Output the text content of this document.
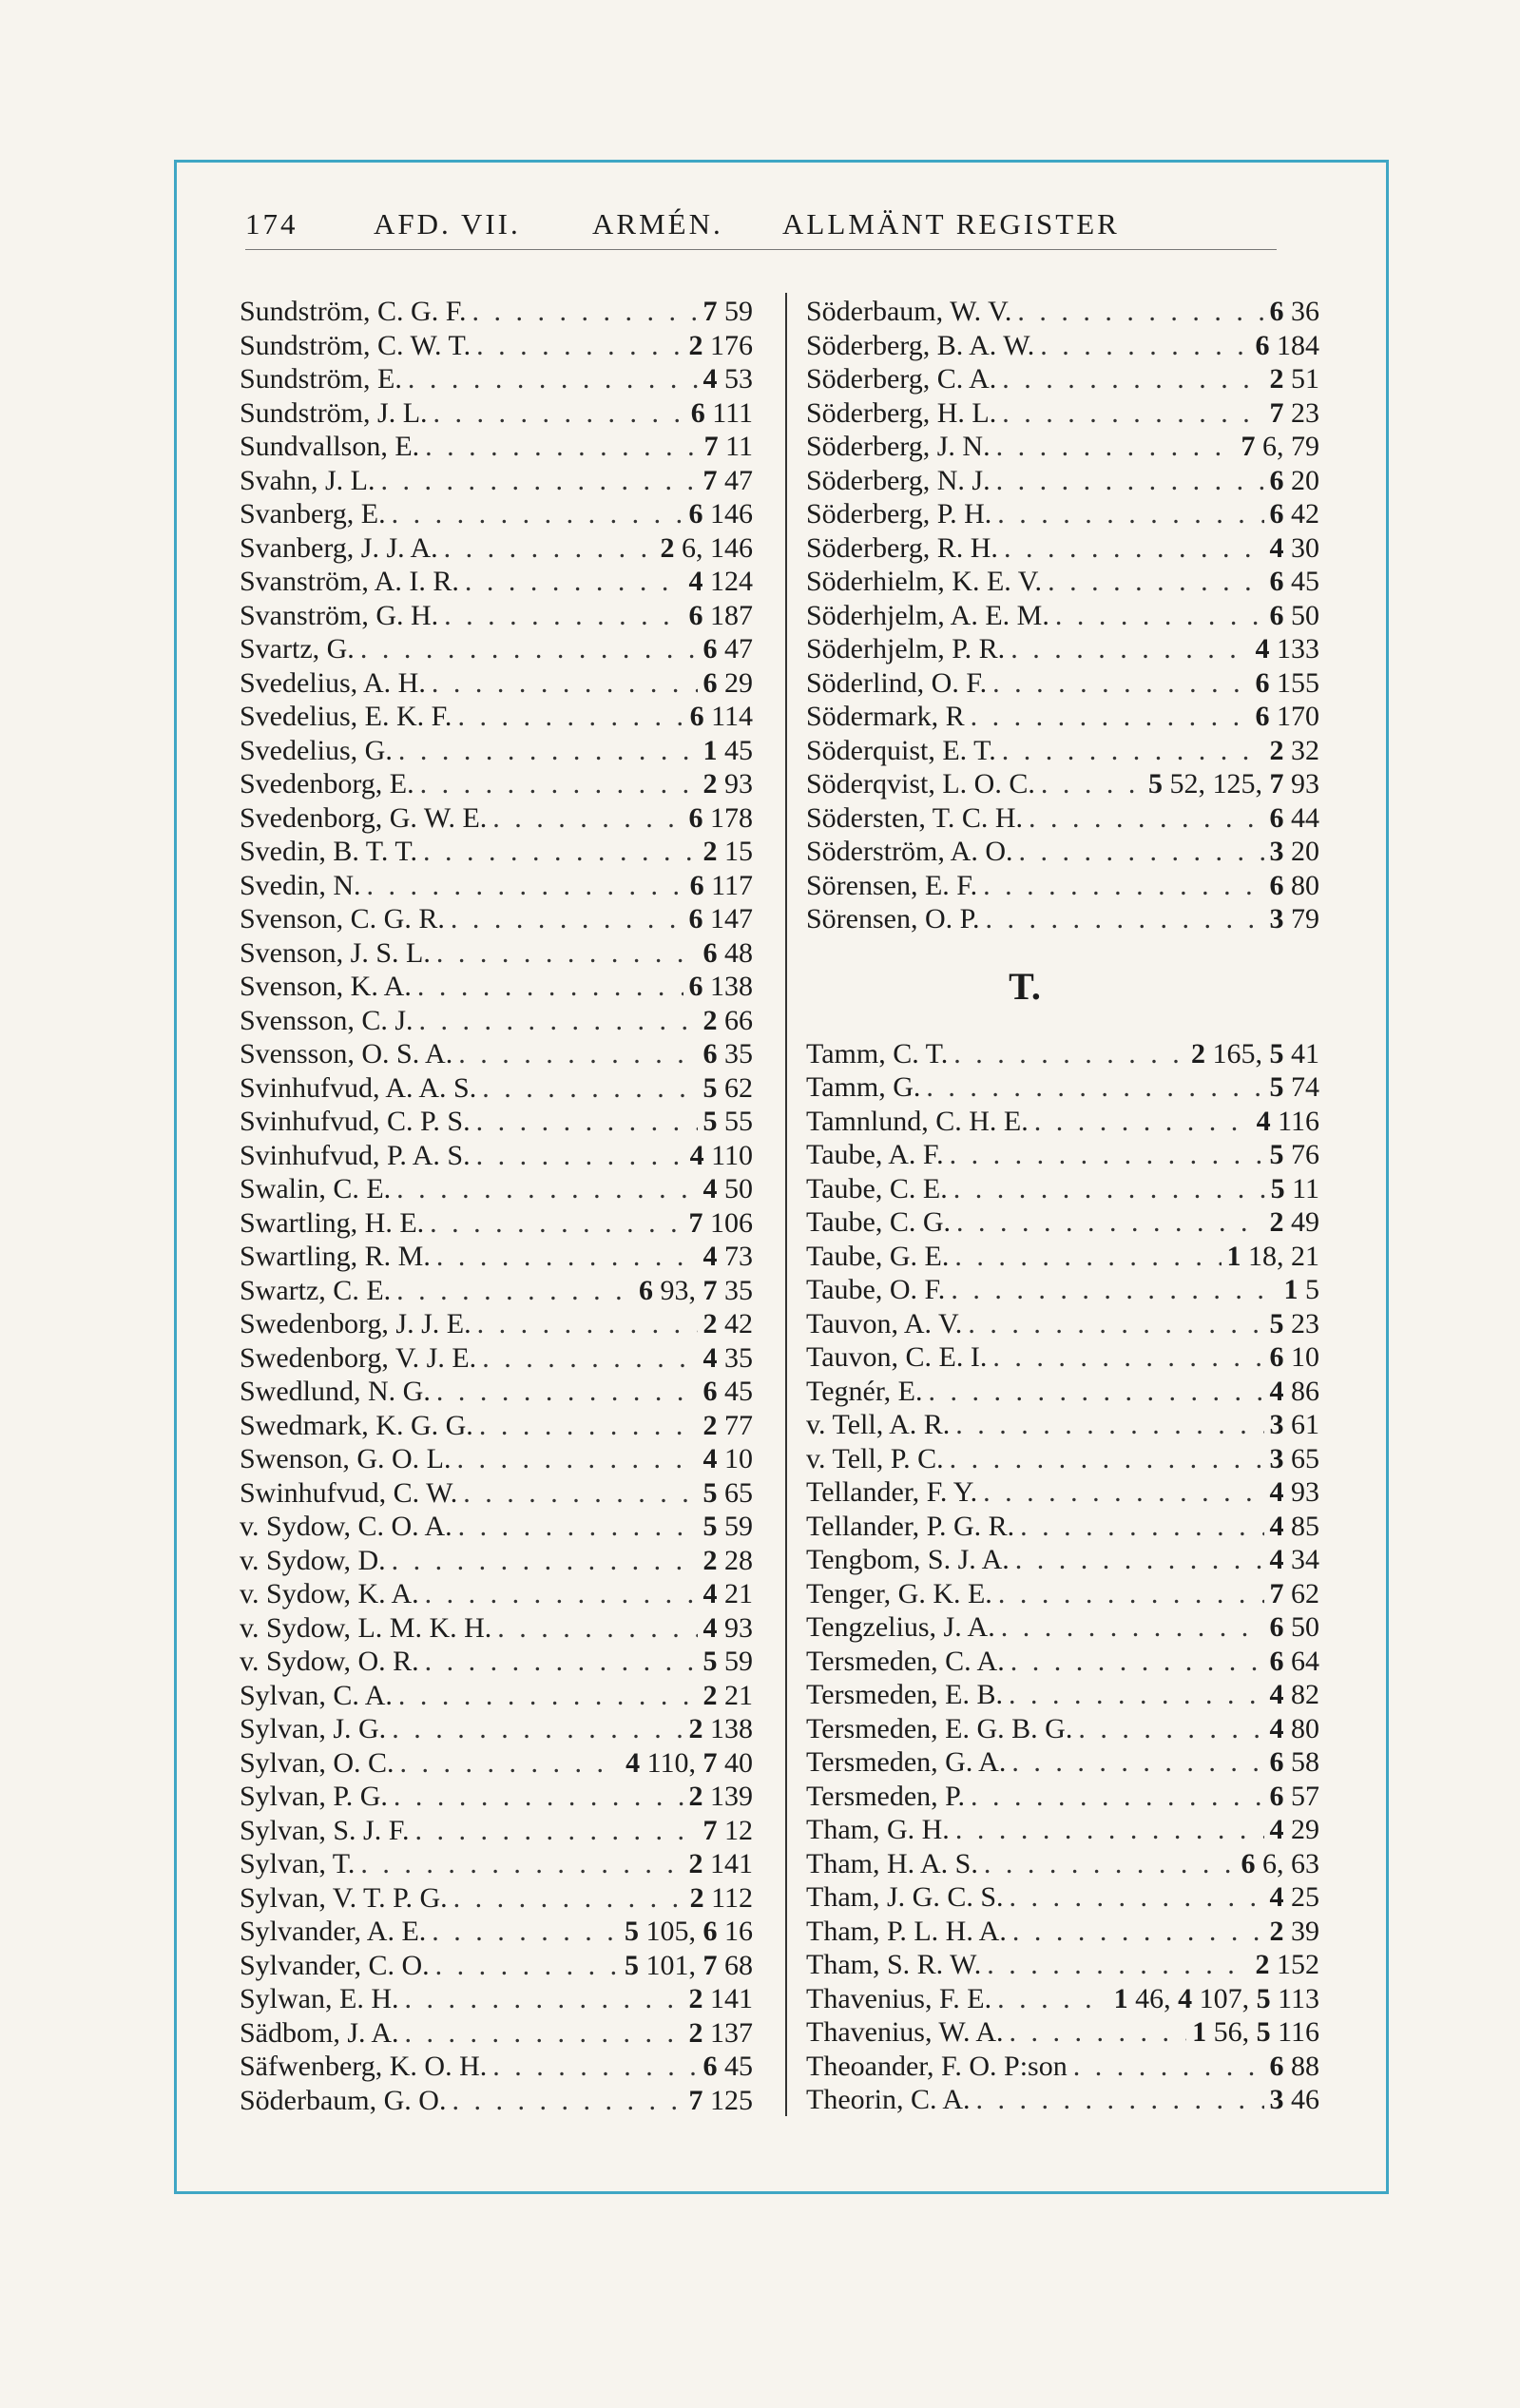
174	AFD. VII. ARMÉN. ALLMÄNT REGISTER
Sundström, C. G. F. . . .	7 59
Sundström, C. W. T. . . .	2 176
Sundström, E. . . .	4 53
Sundström, J. L. . . .	6 111
Sundvallson, E. . . .	7 11
Svahn, J. L. . . .	7 47
Svanberg, E. . . .	6 146
Svanberg, J. J. A. . . .	2 6, 146
Svanström, A. I. R. . . .	4 124
Svanström, G. H. . . .	6 187
Svartz, G. . . .	6 47
Svedelius, A. H. . . .	6 29
Svedelius, E. K. F. . . .	6 114
Svedelius, G. . . .	1 45
Svedenborg, E. . . .	2 93
Svedenborg, G. W. E. . . .	6 178
Svedin, B. T. T. . . .	2 15
Svedin, N. . . .	6 117
Svenson, C. G. R. . . .	6 147
Svenson, J. S. L. . . .	6 48
Svenson, K. A. . . .	6 138
Svensson, C. J. . . .	2 66
Svensson, O. S. A. . . .	6 35
Svinhufvud, A. A. S. . . .	5 62
Svinhufvud, C. P. S. . . .	5 55
Svinhufvud, P. A. S. . . .	4 110
Swalin, C. E. . . .	4 50
Swartling, H. E. . . .	7 106
Swartling, R. M. . . .	4 73
Swartz, C. E. . . .	6 93, 7 35
Swedenborg, J. J. E. . . .	2 42
Swedenborg, V. J. E. . . .	4 35
Swedlund, N. G. . . .	6 45
Swedmark, K. G. G. . . .	2 77
Swenson, G. O. L. . . .	4 10
Swinhufvud, C. W. . . .	5 65
v. Sydow, C. O. A. . . .	5 59
v. Sydow, D. . . .	2 28
v. Sydow, K. A. . . .	4 21
v. Sydow, L. M. K. H. . . .	4 93
v. Sydow, O. R. . . .	5 59
Sylvan, C. A. . . .	2 21
Sylvan, J. G. . . .	2 138
Sylvan, O. C. . . .	4 110, 7 40
Sylvan, P. G. . . .	2 139
Sylvan, S. J. F. . . .	7 12
Sylvan, T. . . .	2 141
Sylvan, V. T. P. G. . . .	2 112
Sylvander, A. E. . . .	5 105, 6 16
Sylvander, C. O. . . .	5 101, 7 68
Sylwan, E. H. . . .	2 141
Sädbom, J. A. . . .	2 137
Säfwenberg, K. O. H. . . .	6 45
Söderbaum, G. O. . . .	7 125
Söderbaum, W. V. . . .	6 36
Söderberg, B. A. W. . . .	6 184
Söderberg, C. A. . . .	2 51
Söderberg, H. L. . . .	7 23
Söderberg, J. N. . . .	7 6, 79
Söderberg, N. J. . . .	6 20
Söderberg, P. H. . . .	6 42
Söderberg, R. H. . . .	4 30
Söderhielm, K. E. V. . . .	6 45
Söderhjelm, A. E. M. . . .	6 50
Söderhjelm, P. R. . . .	4 133
Söderlind, O. F. . . .	6 155
Södermark, R . . .	6 170
Söderquist, E. T. . . .	2 32
Söderqvist, L. O. C. . . .	5 52, 125, 7 93
Södersten, T. C. H. . . .	6 44
Söderström, A. O. . . .	3 20
Sörensen, E. F. . . .	6 80
Sörensen, O. P. . . .	3 79
T.
Tamm, C. T. . . .	2 165, 5 41
Tamm, G. . . .	5 74
Tamnlund, C. H. E. . . .	4 116
Taube, A. F. . . .	5 76
Taube, C. E. . . .	5 11
Taube, C. G. . . .	2 49
Taube, G. E. . . .	1 18, 21
Taube, O. F. . . .	1 5
Tauvon, A. V. . . .	5 23
Tauvon, C. E. I. . . .	6 10
Tegnér, E. . . .	4 86
v. Tell, A. R. . . .	3 61
v. Tell, P. C. . . .	3 65
Tellander, F. Y. . . .	4 93
Tellander, P. G. R. . . .	4 85
Tengbom, S. J. A. . . .	4 34
Tenger, G. K. E. . . .	7 62
Tengzelius, J. A. . . .	6 50
Tersmeden, C. A. . . .	6 64
Tersmeden, E. B. . . .	4 82
Tersmeden, E. G. B. G. . . .	4 80
Tersmeden, G. A. . . .	6 58
Tersmeden, P. . . .	6 57
Tham, G. H. . . .	4 29
Tham, H. A. S. . . .	6 6, 63
Tham, J. G. C. S. . . .	4 25
Tham, P. L. H. A. . . .	2 39
Tham, S. R. W. . . .	2 152
Thavenius, F. E. . . .	1 46, 4 107, 5 113
Thavenius, W. A. . . .	1 56, 5 116
Theoander, F. O. P:son . . .	6 88
Theorin, C. A. . . .	3 46
